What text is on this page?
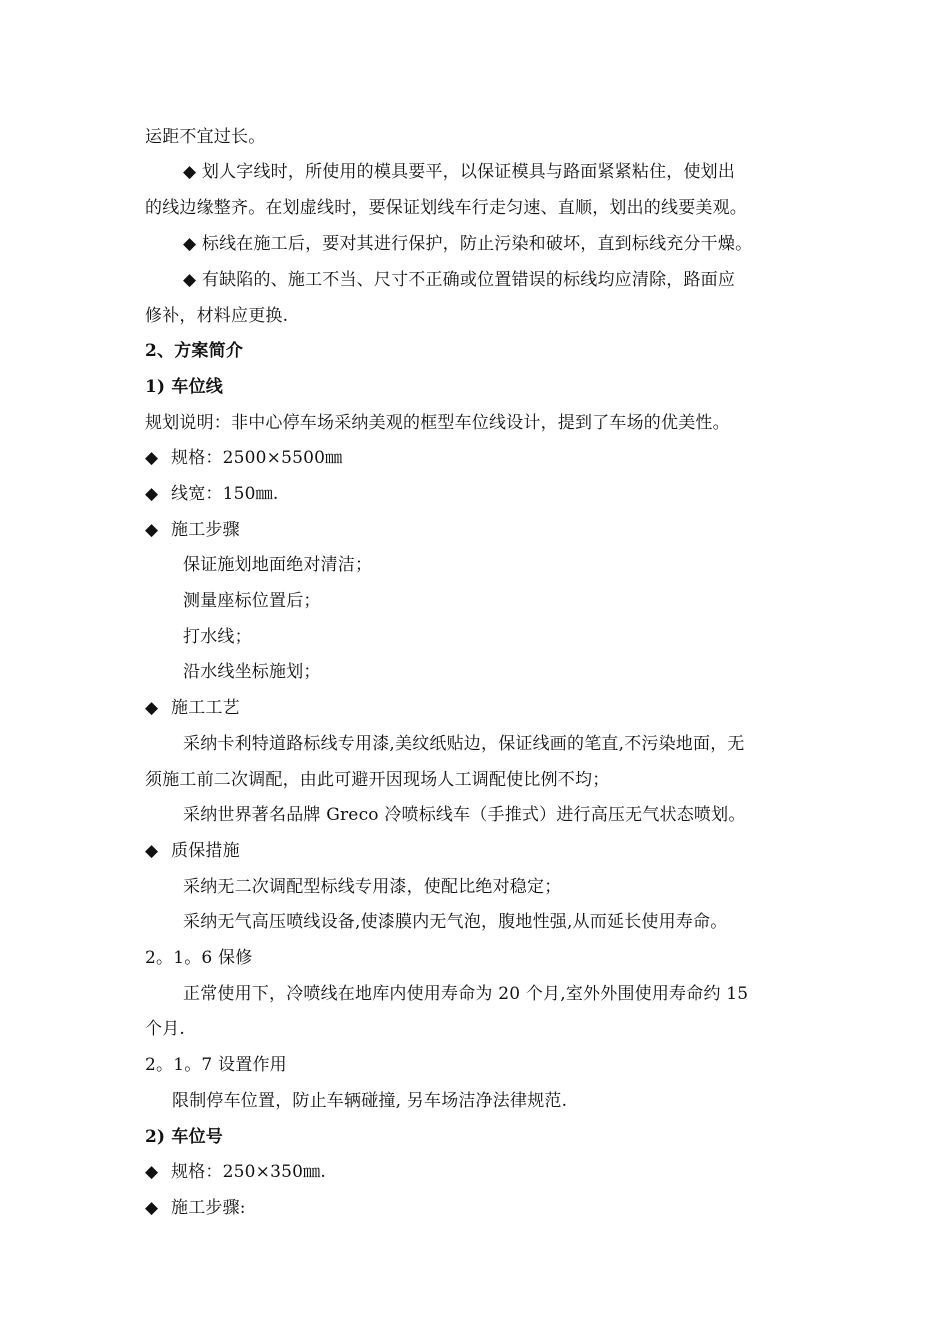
运距不宜过长。
◆ 划人字线时，所使用的模具要平，以保证模具与路面紧紧粘住，使划出
的线边缘整齐。在划虚线时，要保证划线车行走匀速、直顺，划出的线要美观。
◆ 标线在施工后，要对其进行保护，防止污染和破坏，直到标线充分干燥。
◆ 有缺陷的、施工不当、尺寸不正确或位置错误的标线均应清除，路面应
修补，材料应更换.
2、方案简介
1) 车位线
规划说明：非中心停车场采纳美观的框型车位线设计，提到了车场的优美性。
◆ 规格：2500×5500㎜
◆ 线宽：150㎜.
◆ 施工步骤
保证施划地面绝对清洁；
测量座标位置后；
打水线；
沿水线坐标施划；
◆ 施工工艺
采纳卡利特道路标线专用漆,美纹纸贴边，保证线画的笔直,不污染地面，无
须施工前二次调配，由此可避开因现场人工调配使比例不均；
采纳世界著名品牌 Greco 冷喷标线车（手推式）进行高压无气状态喷划。
◆ 质保措施
采纳无二次调配型标线专用漆，使配比绝对稳定；
采纳无气高压喷线设备,使漆膜内无气泡，腹地性强,从而延长使用寿命。
2。1。6 保修
正常使用下，冷喷线在地库内使用寿命为 20 个月,室外外围使用寿命约 15
个月.
2。1。7 设置作用
限制停车位置，防止车辆碰撞, 另车场洁净法律规范.
2) 车位号
◆ 规格：250×350㎜.
◆ 施工步骤:
